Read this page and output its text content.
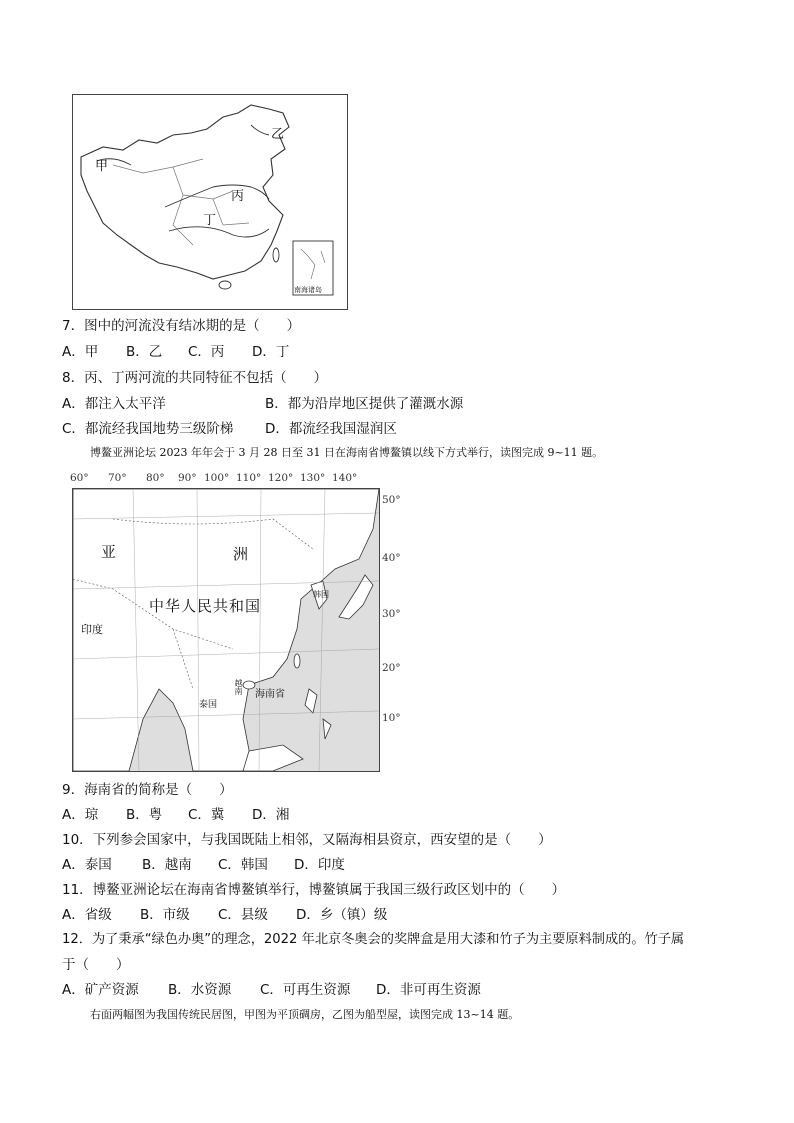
甲
乙
丙
丁
南海诸岛
7．图中的河流没有结冰期的是（　　）
A．甲 B．乙 C．丙 D．丁
8．丙、丁两河流的共同特征不包括（　　）
A．都注入太平洋	B．都为沿岸地区提供了灌溉水源
C．都流经我国地势三级阶梯 D．都流经我国湿润区
博鳌亚洲论坛 2023 年年会于 3 月 28 日至 31 日在海南省博鳌镇以线下方式举行，读图完成 9~11 题。
60° 70° 80° 90° 100° 110° 120° 130° 140°
亚	洲
中华人民共和国
印度
韩国
海南省
泰国
越南
50°
40°
30°
20°
10°
9．海南省的简称是（　　）
A．琼 B．粤 C．冀 D．湘
10．下列参会国家中，与我国既陆上相邻，又隔海相县资京，西安望的是（　　）
A．泰国 B．越南 C．韩国 D．印度
11．博鳌亚洲论坛在海南省博鳌镇举行，博鳌镇属于我国三级行政区划中的（　　）
A．省级 B．市级 C．县级 D．乡（镇）级
12．为了秉承“绿色办奥”的理念，2022 年北京冬奥会的奖牌盒是用大漆和竹子为主要原料制成的。竹子属
于（　　）
A．矿产资源 B．水资源 C．可再生资源 D．非可再生资源
右面两幅图为我国传统民居图，甲图为平顶碉房，乙图为船型屋，读图完成 13~14 题。
